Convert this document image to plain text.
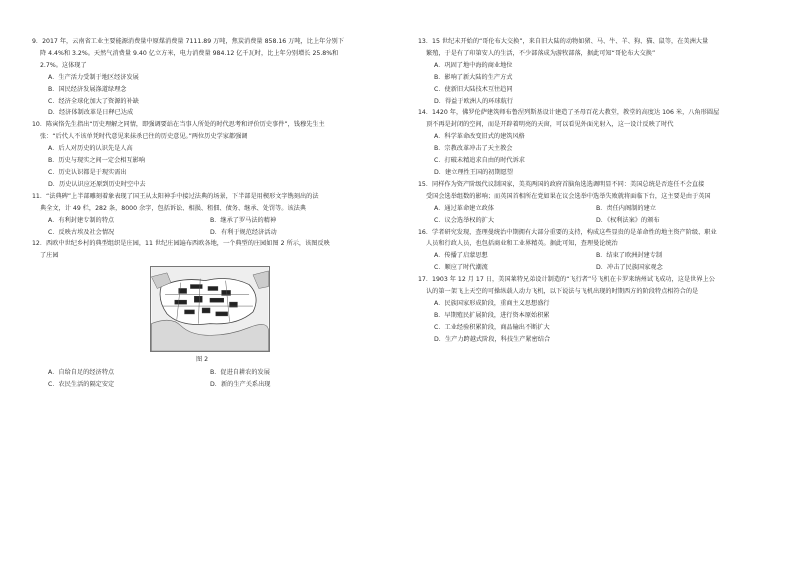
9．2017 年，云南省工业主要能源消费量中原煤消费量 7111.89 万吨，焦炭消费量 858.16 万吨，比上年分别下
降 4.4%和 3.2%。天然气消费量 9.40 亿立方米，电力消费量 984.12 亿千瓦时，比上年分别增长 25.8%和
2.7%。这体现了
A．生产活力受制于地区经济发展
B．国民经济发展涤道绿理念
C．经济全球化加大了资源的补缺
D．经济体制改革是日释已达成
10．陈寅恪先生指出“历史理解之同情，即强调要站在当事人所处的时代思考和评价历史事件”，钱穆先生主
张：“后代人不该单凭时代意见来抹杀已往的历史意见。”两位历史学家都强调
A．后人对历史的认识先是人高
B．历史与现实之间一定会相互影响
C．历史认识都是于现实需出
D．历史认识应还原到历史时空中去
11．“法典碑”上半部雕刻着象表现了国王从太阳神手中接过法典的场景，下半部是用楔形文字镌刻出的法
典全文，计 49 栏，282 条，8000 余字，包括诉讼、相损、租佃、债务、继承、处罚等。该法典
A．有利封建专制的特点	B．继承了罗马法的精神
C．反映古埃及社会情况	D．有利于规范经济活动
12．西欧中世纪乡村的典型组织是庄园，11 世纪庄园遍布西欧各地，一个典型的庄园如图 2 所示，该图反映
了庄园
图 2
A．自给自足的经济特点	B．促进自耕农的发展
C．农民生活的隔定安定	D．新的生产关系出现
13．15 世纪末开始的“哥伦布大交换”，来自旧大陆的动物如猪、马、牛、羊、狗、猫、鼠等，在美洲大量
繁殖，于是有了印第安人的生活，不少部落成为游牧部落，据此可知“哥伦布大交换”
A．巩固了地中海的商业地位
B．影响了新大陆的生产方式
C．使新旧大陆技术互往趋同
D．得益于欧洲人的环球航行
14．1420 年，佛罗伦萨建筑师布鲁涅列斯基设计建造了圣母百花大教堂，教堂的高度达 106 米，八角形圆屋
顶不再是封闭的空间，而是开辟着明亮的天窗，可以看见外面光射入，这一设计反映了时代
A．科学革命改变旧式的建筑风格
B．宗教改革冲击了天主教会
C．打破未精追求自由的时代诉求
D．建立理性王国的初期愿望
15．同样作为资产阶级代议制国家，美英两国的政府首脑角选选调明显不同：美国总统是否连任不会直接
受国会选举组数的影响；而英国首相所在党如果在议会选举中选举失败就将面临下台，这主要是由于英国
A．通过革命建立政体	B．责任内阁制的建立
C．议会选举权的扩大	D．《权利法案》的颁布
16．学者研究发现，查理曼统治中期拥有大部分重要的支持，构成这些显贵的是革命性的地主资产阶级、职业
人员和行政人员，也包括商业和工业界精英。据此可知，查理曼论统治
A．传播了启蒙思想	B．结束了欧洲封建专制
C．顺应了时代潮流	D．冲击了民族国家观念
17．1903 年 12 月 17 日，美国莱特兄弟设计制造的“飞行者”号飞机在卡罗来纳州试飞成功，这是世界上公
认的第一架飞上天空的可操纵载人动力飞机，以下说法与飞机出现的时期西方的阶段特点相符合的是
A．民族国家形成阶段，重商主义思想盛行
B．早期殖民扩展阶段，进行资本原始积累
C．工业经验积累阶段，商品输出不断扩大
D．生产力跨越式阶段，科技生产紧密结合
